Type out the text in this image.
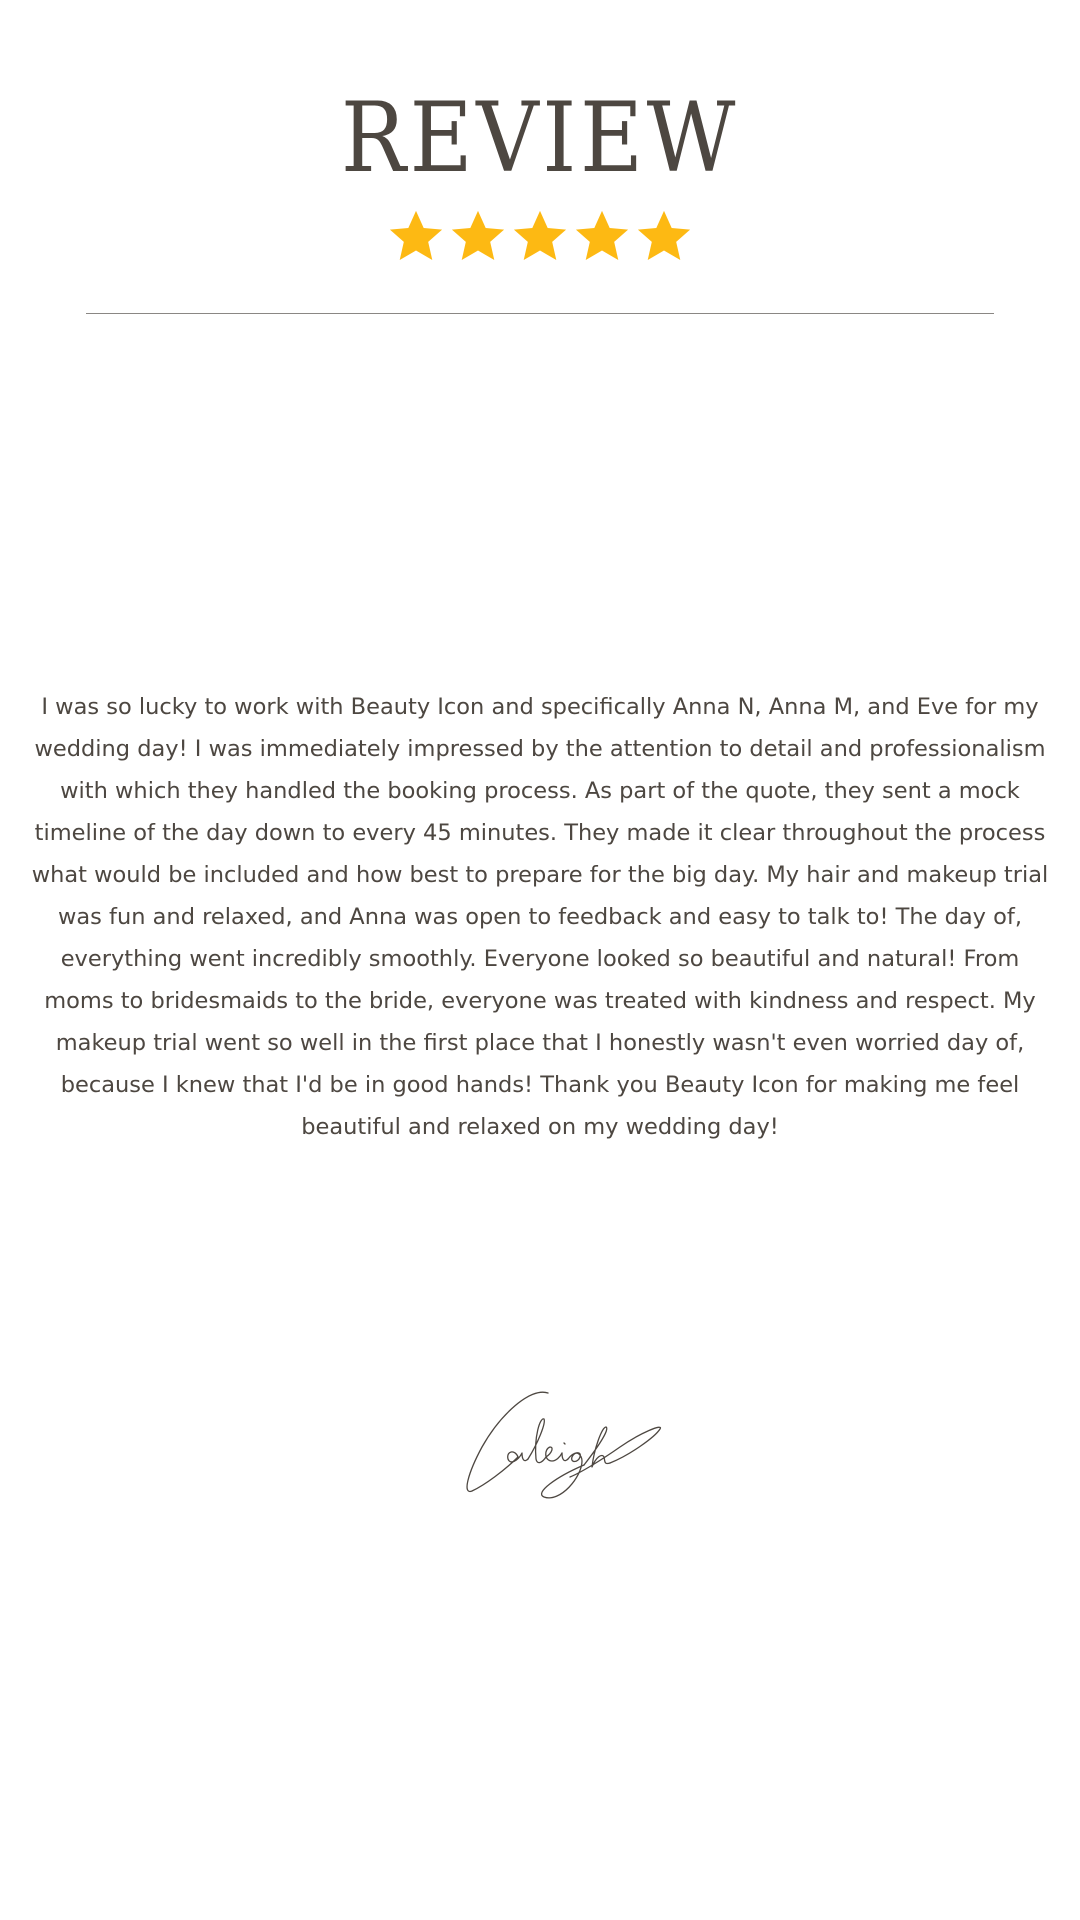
REVIEW

I was so lucky to work with Beauty Icon and specifically Anna N, Anna M, and Eve for my wedding day! I was immediately impressed by the attention to detail and professionalism with which they handled the booking process. As part of the quote, they sent a mock timeline of the day down to every 45 minutes. They made it clear throughout the process what would be included and how best to prepare for the big day. My hair and makeup trial was fun and relaxed, and Anna was open to feedback and easy to talk to! The day of, everything went incredibly smoothly. Everyone looked so beautiful and natural! From moms to bridesmaids to the bride, everyone was treated with kindness and respect. My makeup trial went so well in the first place that I honestly wasn't even worried day of, because I knew that I'd be in good hands! Thank you Beauty Icon for making me feel beautiful and relaxed on my wedding day!
